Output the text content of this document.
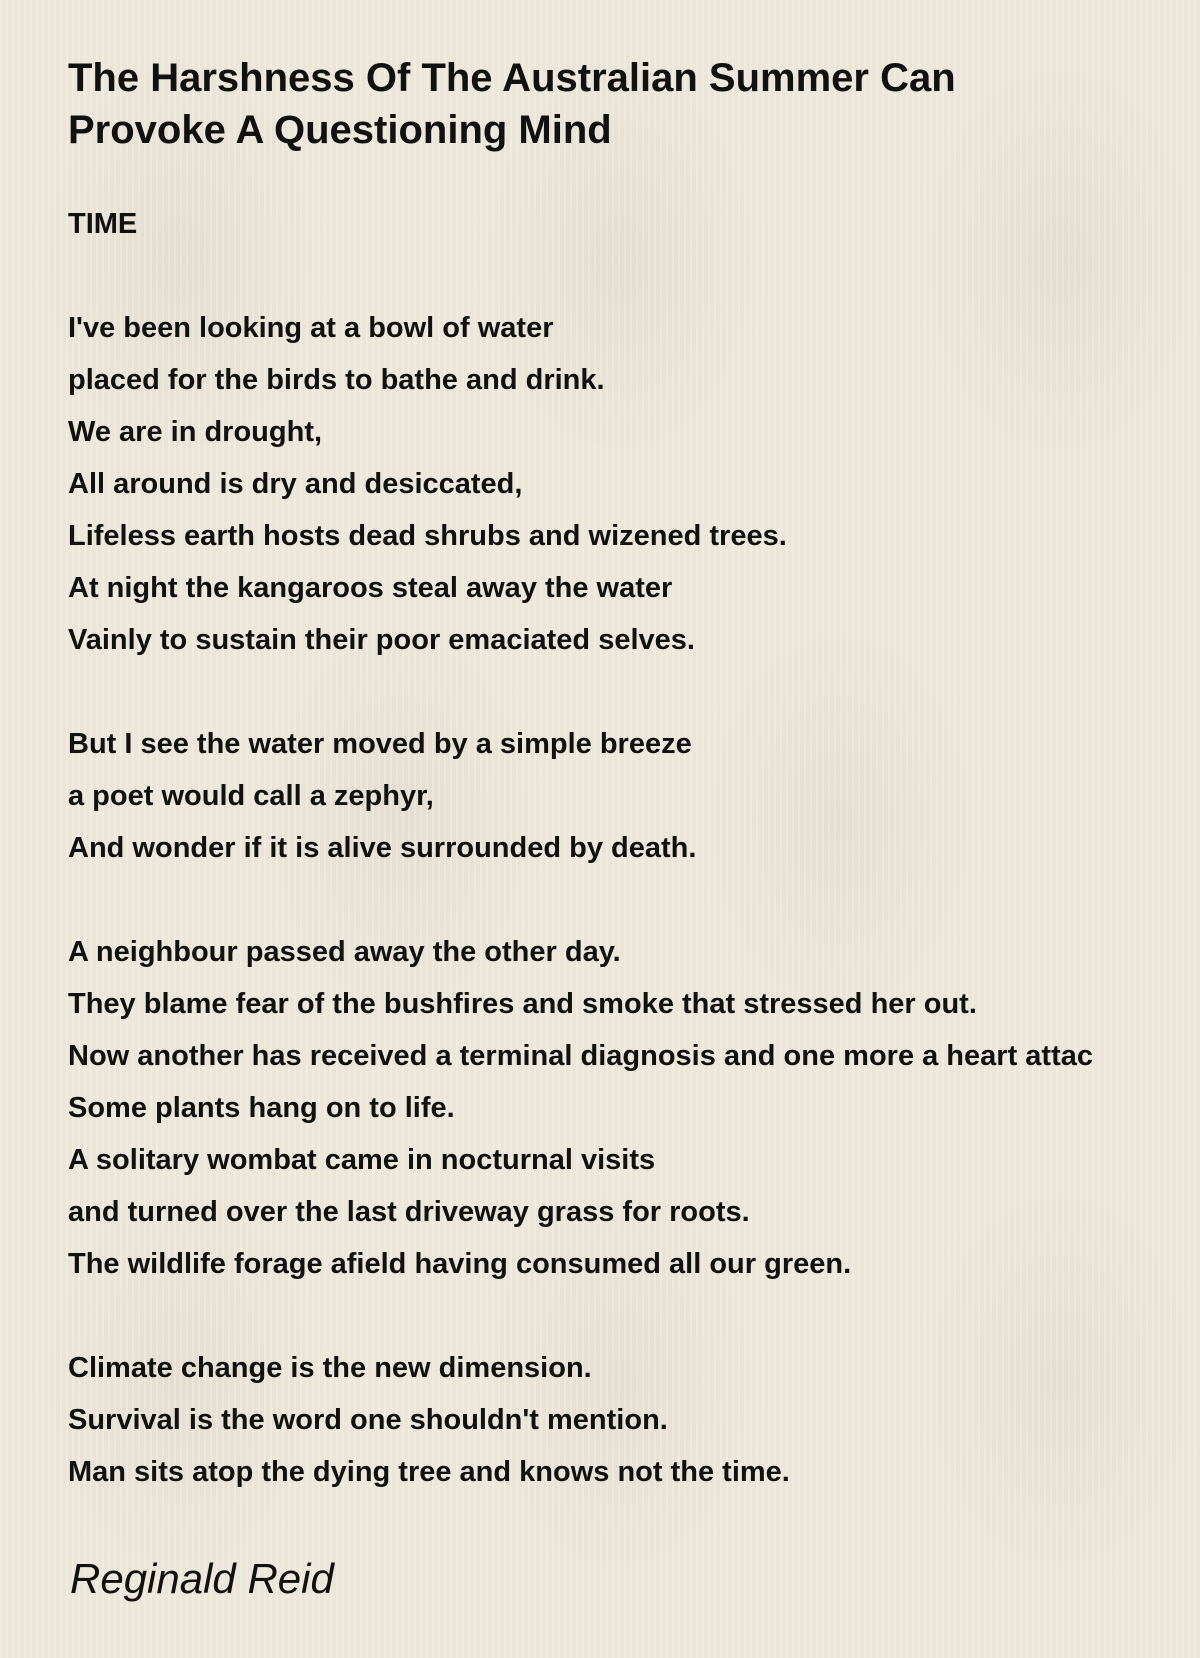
The Harshness Of The Australian Summer Can Provoke A Questioning Mind
TIME
I've been looking at a bowl of water
placed for the birds to bathe and drink.
We are in drought,
All around is dry and desiccated,
Lifeless earth hosts dead shrubs and wizened trees.
At night the kangaroos steal away the water
Vainly to sustain their poor emaciated selves.
But I see the water moved by a simple breeze
a poet would call a zephyr,
And wonder if it is alive surrounded by death.
A neighbour passed away the other day.
They blame fear of the bushfires and smoke that stressed her out.
Now another has received a terminal diagnosis and one more a heart attac
Some plants hang on to life.
A solitary wombat came in nocturnal visits
and turned over the last driveway grass for roots.
The wildlife forage afield having consumed all our green.
Climate change is the new dimension.
Survival is the word one shouldn't mention.
Man sits atop the dying tree and knows not the time.
Reginald Reid
